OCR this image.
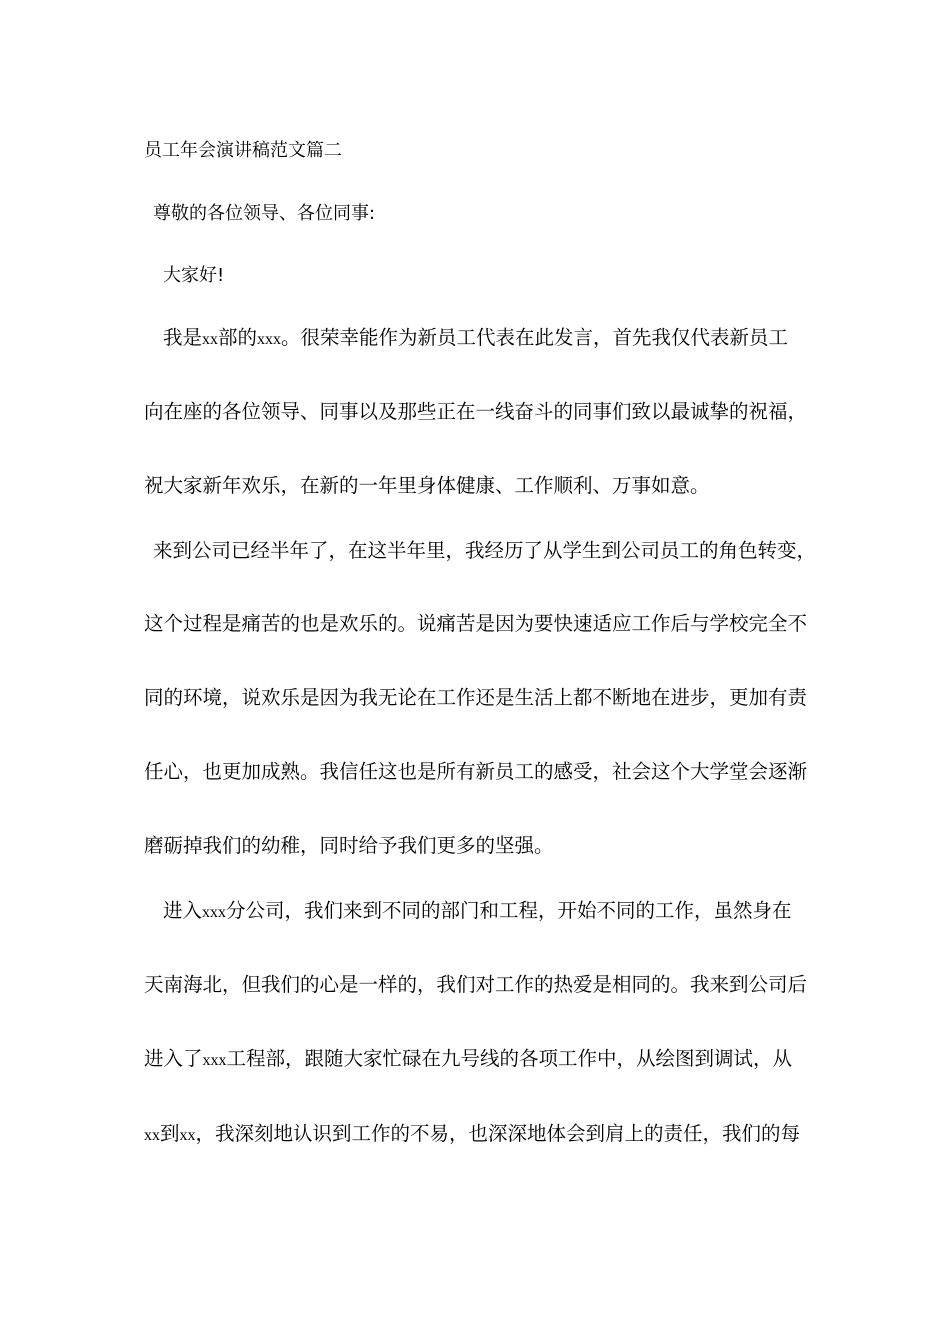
员工年会演讲稿范文篇二
尊敬的各位领导、各位同事:
大家好!
我是xx部的xxx。很荣幸能作为新员工代表在此发言，首先我仅代表新员工
向在座的各位领导、同事以及那些正在一线奋斗的同事们致以最诚挚的祝福，
祝大家新年欢乐，在新的一年里身体健康、工作顺利、万事如意。
来到公司已经半年了，在这半年里，我经历了从学生到公司员工的角色转变，
这个过程是痛苦的也是欢乐的。说痛苦是因为要快速适应工作后与学校完全不
同的环境，说欢乐是因为我无论在工作还是生活上都不断地在进步，更加有责
任心，也更加成熟。我信任这也是所有新员工的感受，社会这个大学堂会逐渐
磨砺掉我们的幼稚，同时给予我们更多的坚强。
进入xxx分公司，我们来到不同的部门和工程，开始不同的工作，虽然身在
天南海北，但我们的心是一样的，我们对工作的热爱是相同的。我来到公司后
进入了xxx工程部，跟随大家忙碌在九号线的各项工作中，从绘图到调试，从
xx到xx，我深刻地认识到工作的不易，也深深地体会到肩上的责任，我们的每
